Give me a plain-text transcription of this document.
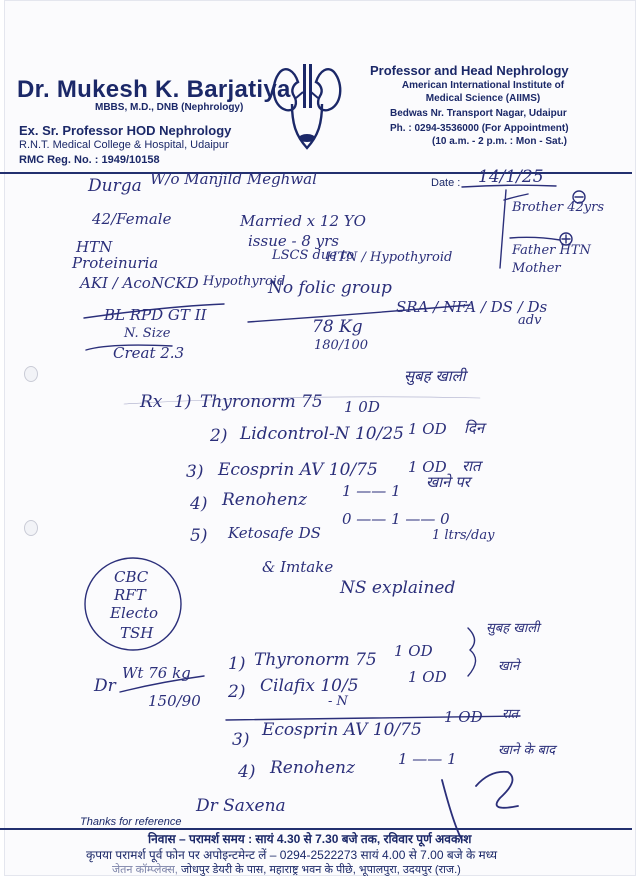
Dr. Mukesh K. Barjatiya
MBBS, M.D., DNB (Nephrology)
Ex. Sr. Professor HOD Nephrology
R.N.T. Medical College & Hospital, Udaipur
RMC Reg. No. : 1949/10158
Professor and Head Nephrology
American International Institute of
Medical Science (AIIMS)
Bedwas Nr. Transport Nagar, Udaipur
Ph. : 0294-3536000 (For Appointment)
(10 a.m. - 2 p.m. : Mon - Sat.)
Date : 14/1/25
Durga W/o Manjild Meghwal
42/Female	Married x 12 YO
issue - 8 yrs
Brother 42yrs
Father HTN
Mother
HTN
Proteinuria
AKI / AcoNCKD Hypothyroid
LSCS due to
HTN / Hypothyroid
No folic group
BL RPD GT II
N. Size
Creat 2.3
78 Kg
180/100
SRA / NFA / DS / Ds
adv
Rx 1) Thyronorm 75 1 0D
सुबह खाली
2) Lidcontrol-N 10/25 1 OD दिन
3) Ecosprin AV 10/75 1 OD रात
4) Renohenz 1 —— 1 खाने पर
5) Ketosafe DS
0 —— 1 —— 0
& Imtake
1 ltrs/day
CBC
RFT
Electo
TSH
NS explained
Dr
Wt 76 kg
150/90
1) Thyronorm 75 1 OD
सुबह खाली
2) Cilafix 10/5
- N
1 OD
खाने
3) Ecosprin AV 10/75
1 OD रात
4) Renohenz	1 —— 1	खाने के बाद
Thanks for reference
Dr Saxena
निवास – परामर्श समय : सायं 4.30 से 7.30 बजे तक, रविवार पूर्ण अवकाश
कृपया परामर्श पूर्व फोन पर अपोइन्टमेन्ट लें – 0294-2522273 सायं 4.00 से 7.00 बजे के मध्य
जेतन कॉम्प्लेक्स, जोधपुर डेयरी के पास, महाराष्ट्र भवन के पीछे, भूपालपुरा, उदयपुर (राज.)
